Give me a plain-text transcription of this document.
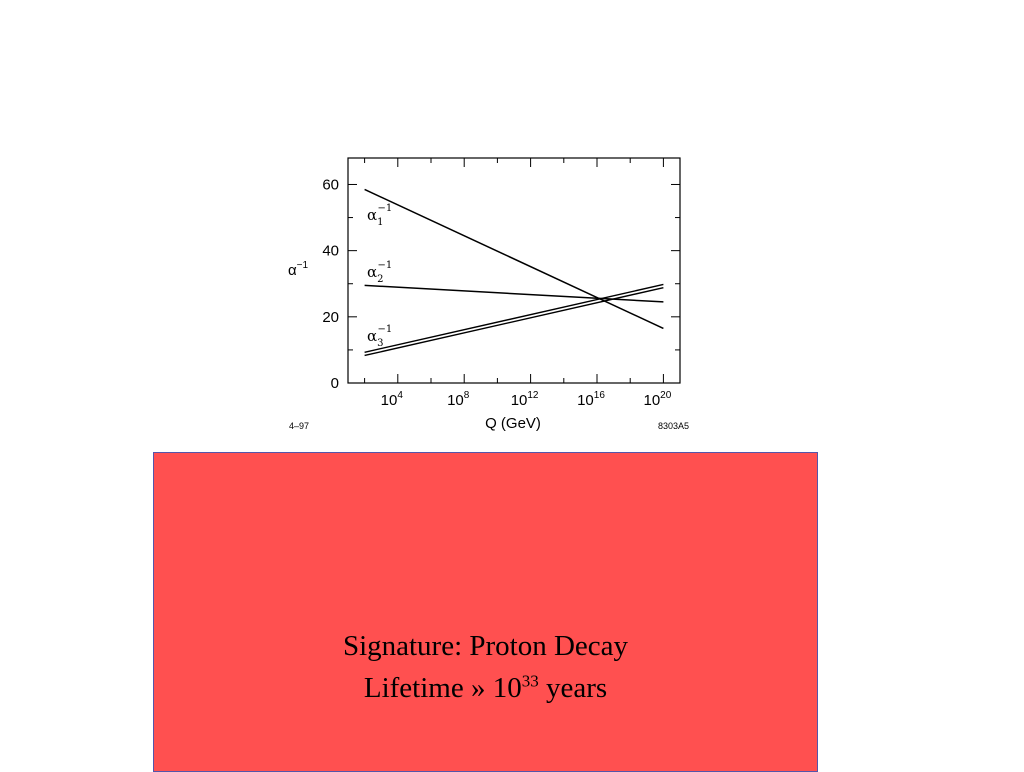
0
20
40
60
$10^4$	$10^8$	$10^{12}$	$10^{16}$	$10^{20}$
$\alpha_1-1$
$\alpha_2-1$
$\alpha_3-1$
$\alpha^{-1}$
Q (GeV)
4–97	8303A5
Signature: Proton Decay
Lifetime » $10^{33}$ years
